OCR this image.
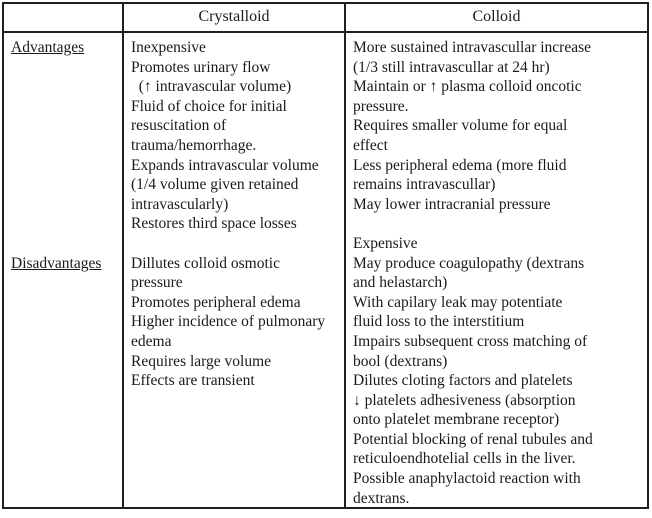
Crystalloid	Colloid
Advantages
Disadvantages
Inexpensive
Promotes urinary flow
(↑ intravascular volume)
Fluid of choice for initial
resuscitation of
trauma/hemorrhage.
Expands intravascular volume
(1/4 volume given retained
intravascularly)
Restores third space losses
Dillutes colloid osmotic
pressure
Promotes peripheral edema
Higher incidence of pulmonary
edema
Requires large volume
Effects are transient
More sustained intravascullar increase
(1/3 still intravascullar at 24 hr)
Maintain or ↑ plasma colloid oncotic
pressure.
Requires smaller volume for equal
effect
Less peripheral edema (more fluid
remains intravascullar)
May lower intracranial pressure
Expensive
May produce coagulopathy (dextrans
and helastarch)
With capilary leak may potentiate
fluid loss to the interstitium
Impairs subsequent cross matching of
bool (dextrans)
Dilutes cloting factors and platelets
↓ platelets adhesiveness (absorption
onto platelet membrane receptor)
Potential blocking of renal tubules and
reticuloendhotelial cells in the liver.
Possible anaphylactoid reaction with
dextrans.
